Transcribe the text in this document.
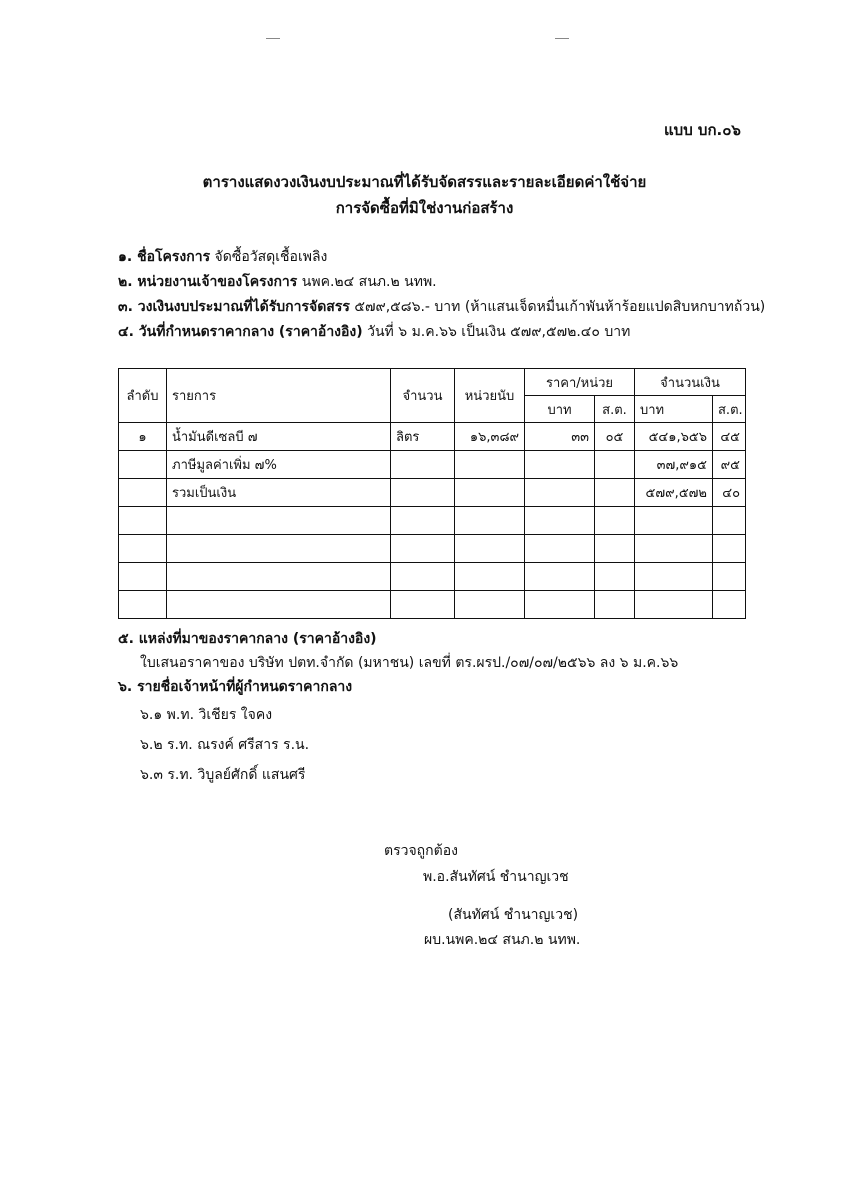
แบบ บก.๐๖
ตารางแสดงวงเงินงบประมาณที่ได้รับจัดสรรและรายละเอียดค่าใช้จ่าย
การจัดซื้อที่มิใช่งานก่อสร้าง
๑. ชื่อโครงการ จัดซื้อวัสดุเชื้อเพลิง
๒. หน่วยงานเจ้าของโครงการ นพค.๒๔ สนภ.๒ นทพ.
๓. วงเงินงบประมาณที่ได้รับการจัดสรร ๕๗๙,๕๘๖.- บาท (ห้าแสนเจ็ดหมื่นเก้าพันห้าร้อยแปดสิบหกบาทถ้วน)
๔. วันที่กำหนดราคากลาง (ราคาอ้างอิง) วันที่ ๖ ม.ค.๖๖ เป็นเงิน ๕๗๙,๕๗๒.๔๐ บาท
ลำดับ	รายการ	จำนวน	หน่วยนับ	ราคา/หน่วย		จำนวนเงิน	
				บาท	ส.ต.	บาท	ส.ต.
๑	น้ำมันดีเซลบี ๗	ลิตร	๑๖,๓๘๙	๓๓	๐๕	๕๔๑,๖๕๖	๔๕
	ภาษีมูลค่าเพิ่ม ๗%					๓๗,๙๑๕	๙๕
	รวมเป็นเงิน					๕๗๙,๕๗๒	๔๐

๕. แหล่งที่มาของราคากลาง (ราคาอ้างอิง)
ใบเสนอราคาของ บริษัท ปตท.จำกัด (มหาชน) เลขที่ ตร.ผรป./๐๗/๐๗/๒๕๖๖ ลง ๖ ม.ค.๖๖
๖. รายชื่อเจ้าหน้าที่ผู้กำหนดราคากลาง
๖.๑ พ.ท. วิเชียร ใจคง
๖.๒ ร.ท. ณรงค์ ศรีสาร ร.น.
๖.๓ ร.ท. วิบูลย์ศักดิ์ แสนศรี
ตรวจถูกต้อง
พ.อ.สันทัศน์ ชำนาญเวช
(สันทัศน์ ชำนาญเวช)
ผบ.นพค.๒๔ สนภ.๒ นทพ.
